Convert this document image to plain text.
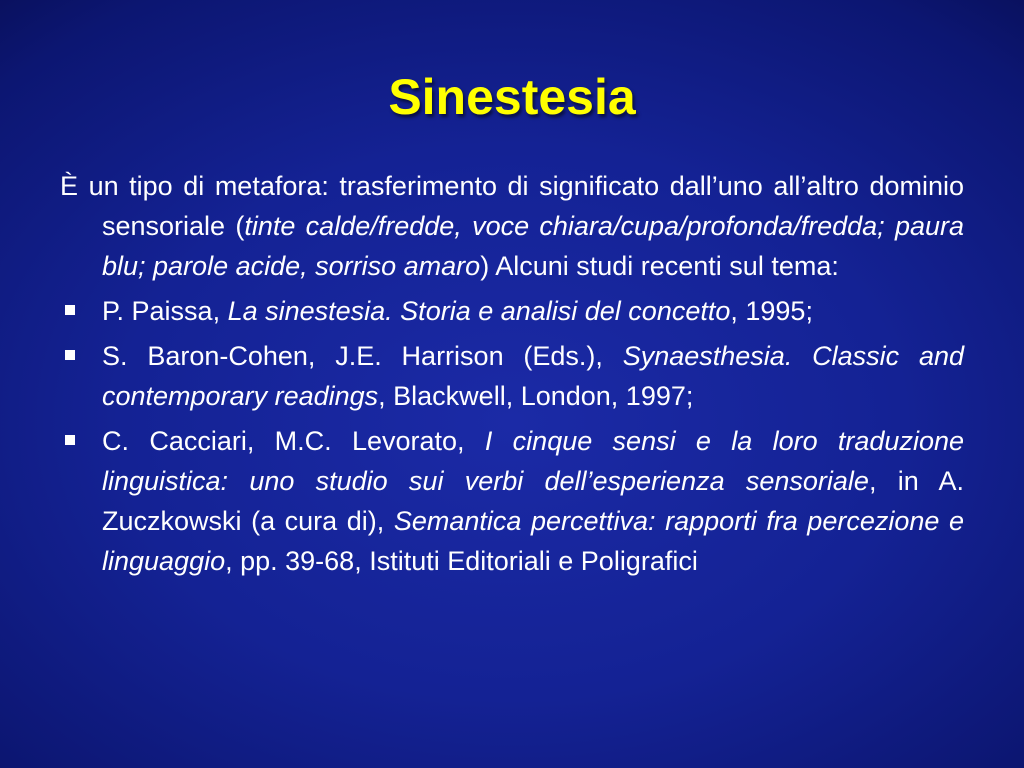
Sinestesia

È un tipo di metafora: trasferimento di significato dall’uno all’altro dominio sensoriale (tinte calde/fredde, voce chiara/cupa/profonda/fredda; paura blu; parole acide, sorriso amaro) Alcuni studi recenti sul tema:

P. Paissa, La sinestesia. Storia e analisi del concetto, 1995;
S. Baron-Cohen, J.E. Harrison (Eds.), Synaesthesia. Classic and contemporary readings, Blackwell, London, 1997;
C. Cacciari, M.C. Levorato, I cinque sensi e la loro traduzione linguistica: uno studio sui verbi dell’esperienza sensoriale, in A. Zuczkowski (a cura di), Semantica percettiva: rapporti fra percezione e linguaggio, pp. 39-68, Istituti Editoriali e Poligrafici
